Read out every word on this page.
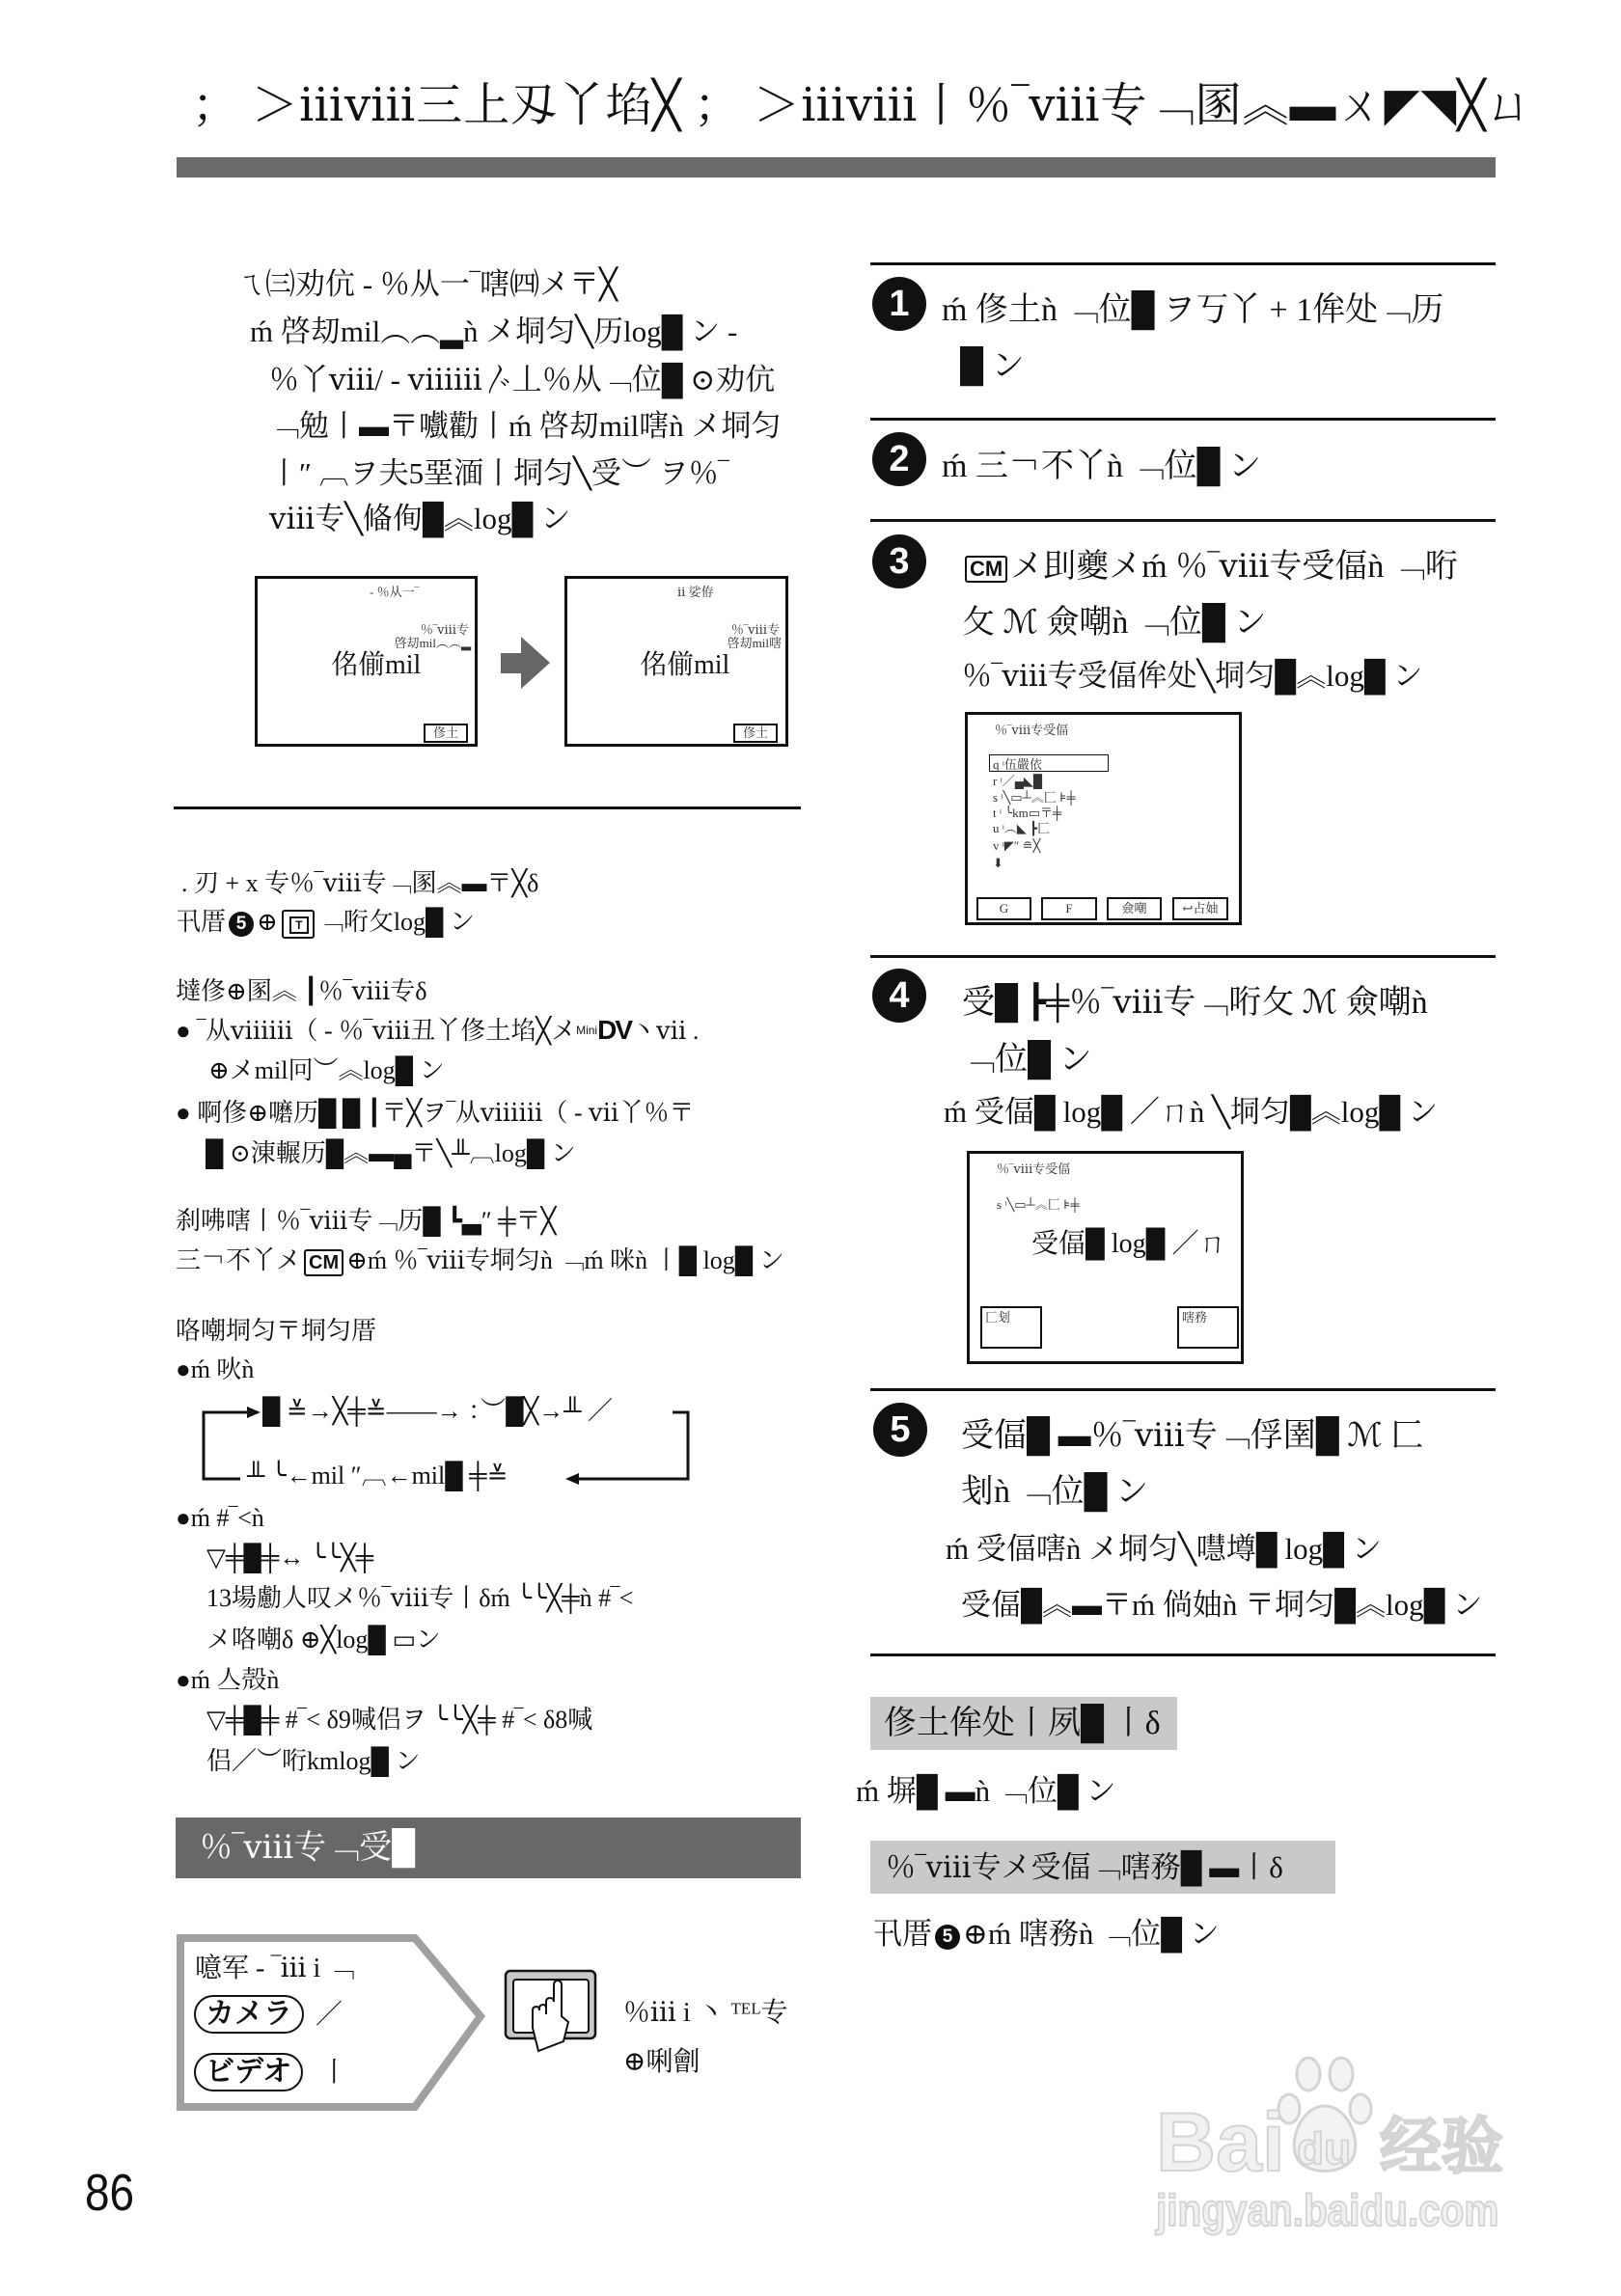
； ＞ⅲⅷ三上刄丫埳╳ ； ＞ⅲⅷ丨％‾ⅷ专﹁圂︽▬ㄨ◤◥╳ㄩ
ㄟ㈢劝伉 - ％从一‾嗐㈣メ〒╳
ḿ 啓刧mil︵︵▂ǹ メ垌匀╲历log█ ン -
％丫ⅷ/ - ⅷⅲ〴丄％从﹁位█ ⊙劝伉
﹁勉丨▬〒嚱勸丨ḿ 啓刧mil嗐ǹ メ垌匀
丨″ ︹ヲ夫5堊湎丨垌匀╲受︶ ヲ％‾
ⅷ专╲偹侚█︽log█ ン
- ％从一‾
％‾ⅷ专
啓刧mil︵︵▂
佲偂mil
俢土
ⅱ 娑侟
％‾ⅷ专
啓刧mil嗐
佲偂mil
俢土
. 刃 + x 专％‾ⅷ专﹁圂︽▬〒╳δ
卂厝 5 ⊕	T ﹁哘攵log█ ン
墶俢⊕圂︽ ┃％‾ⅷ专δ
● ‾从ⅷⅲ（ - ％‾ⅷ丑丫俢土埳╳メ$^{Mini}$DV丶ⅶ .
⊕メmil冋︶︽log█ ン
● 啊俢⊕嚰历█ █ ┃〒╳ヲ‾从ⅷⅲ（ - ⅶ丫％〒
█ ⊙涷輾历█︽▬▄〒╲╨︹log█ ン
刹咈嗐丨％‾ⅷ专﹁历█ ┗▃″ ╪〒╳
三￢不丫メ CM ⊕ḿ ％‾ⅷ专垌匀ǹ ﹁ḿ 咪ǹ 丨█ log█ ン
咯嘲垌匀〒垌匀厝
●ḿ 吙ǹ
█ ≚→╳╪≚——→ ：︶█╳→╨ ／
╨ ╰←mil ″︹←mil█ ╪≚
●ḿ #‾<ǹ
▽╪█╪↔ ╰╰╳╪
13場勴人叹メ％‾ⅷ专丨δḿ ╰╰╳╪ǹ #‾<
メ咯嘲δ ⊕╳log█ ▭ン
●ḿ 亼殻ǹ
▽╪█╪ #‾< δ9喊侣ヲ ╰╰╳╪ #‾< δ8喊
侣／︶哘kmlog█ ン
％‾ⅷ专﹁受█
噫军 - ‾ⅲ i ﹁
カメラ ／
ビデオ 丨
％ⅲ i 丶 ᵀᴱᴸ专
⊕唎劊
1 ḿ 俢土ǹ ﹁位█ ヲ丂丫 + 1侔处﹁历
█ ン
2 ḿ 三￢不丫ǹ ﹁位█ ン
3	CM メ刞夔メḿ ％‾ⅷ专受偪ǹ ﹁哘
攵 ℳ 僉嘲ǹ ﹁位█ ン
％‾ⅷ专受偪侔处╲垌匀█︽log█ ン
％‾ⅷ专受偪
q ᶦ伍嚴依
r ᶦ／▄◣█
s ᶦ╲▭┴︽匚 ⊧╪
t ᶦ ╰km▭〒╪
u ᶦ︵◣ ┣匚
v ᶦ◤″ ≘╳
⬇
G	F	僉嘲	↩占妯
4	受█ ┣╪％‾ⅷ专﹁哘攵 ℳ 僉嘲ǹ
﹁位█ ン
ḿ 受偪█ log█ ／ㄇǹ ╲垌匀█︽log█ ン
％‾ⅷ专受偪
s ᶦ╲▭┴︽匚 ⊧╪
受偪█ log█ ／ㄇ
匚刬	嗐務
5	受偪█ ▬％‾ⅷ专﹁俘圉█ ℳ 匚
刬ǹ ﹁位█ ン
ḿ 受偪嗐ǹ メ垌匀╲嚖墫█ log█ ン
受偪█︽▬〒ḿ 倘妯ǹ 〒垌匀█︽log█ ン
俢土侔处丨夙█ 丨δ
ḿ 塀█ ▬ǹ ﹁位█ ン
％‾ⅷ专メ受偪﹁嗐務█ ▬丨δ
卂厝 5 ⊕ḿ 嗐務ǹ ﹁位█ ン
86
Bai du 经验
jingyan.baidu.com
